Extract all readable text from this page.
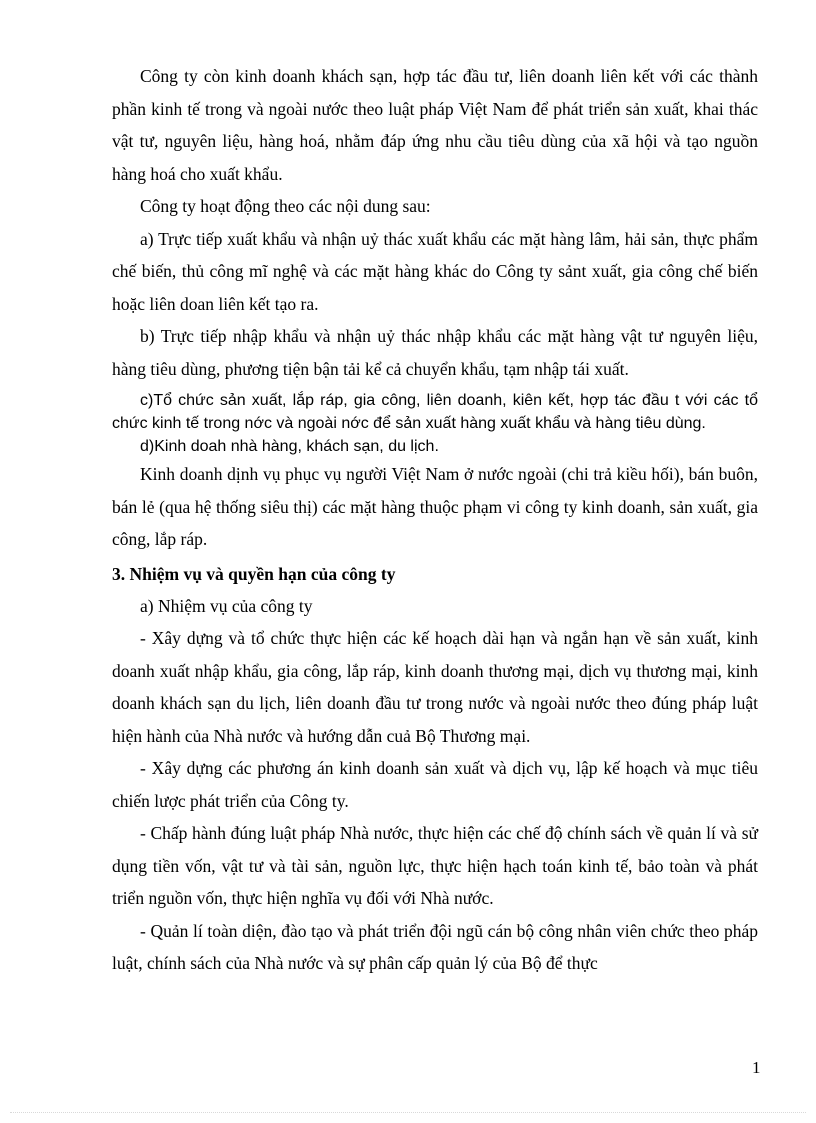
Công ty còn kinh doanh khách sạn, hợp tác đầu tư, liên doanh liên kết với các thành phần kinh tế trong và ngoài nước theo luật pháp Việt Nam để phát triển sản xuất, khai thác vật tư, nguyên liệu, hàng hoá, nhằm đáp ứng nhu cầu tiêu dùng của xã hội và tạo nguồn hàng hoá cho xuất khẩu.

Công ty hoạt động theo các nội dung sau:

a) Trực tiếp xuất khẩu và nhận uỷ thác xuất khẩu các mặt hàng lâm, hải sản, thực phẩm chế biến, thủ công mĩ nghệ và các mặt hàng khác do Công ty sảnt xuất, gia công chế biến hoặc liên doan liên kết tạo ra.

b) Trực tiếp nhập khẩu và nhận uỷ thác nhập khẩu các mặt hàng vật tư nguyên liệu, hàng tiêu dùng, phương tiện bận tải kể cả chuyển khẩu, tạm nhập tái xuất.

c)Tổ chức sản xuất, lắp ráp, gia công, liên doanh, kiên kết, hợp tác đầu t với các tổ chức kinh tế trong nớc và ngoài nớc để sản xuất hàng xuất khẩu và hàng tiêu dùng.

d)Kinh doah nhà hàng, khách sạn, du lịch.

Kinh doanh dịnh vụ phục vụ người Việt Nam ở nước ngoài (chi trả kiều hối), bán buôn, bán lẻ (qua hệ thống siêu thị) các mặt hàng thuộc phạm vi công ty kinh doanh, sản xuất, gia công, lắp ráp.

3. Nhiệm vụ và quyền hạn của công ty

a) Nhiệm vụ của công ty

- Xây dựng và tổ chức thực hiện các kế hoạch dài hạn và ngắn hạn về sản xuất, kinh doanh xuất nhập khẩu, gia công, lắp ráp, kinh doanh thương mại, dịch vụ thương mại, kinh doanh khách sạn du lịch, liên doanh đầu tư trong nước và ngoài nước theo đúng pháp luật hiện hành của Nhà nước và hướng dẫn cuả Bộ Thương mại.

- Xây dựng các phương án kinh doanh sản xuất và dịch vụ, lập kế hoạch và mục tiêu chiến lược phát triển của Công ty.

- Chấp hành đúng luật pháp Nhà nước, thực hiện các chế độ chính sách về quản lí và sử dụng tiền vốn, vật tư và tài sản, nguồn lực, thực hiện hạch toán kinh tế, bảo toàn và phát triển nguồn vốn, thực hiện nghĩa vụ đối với Nhà nước.

- Quản lí toàn diện, đào tạo và phát triển đội ngũ cán bộ công nhân viên chức theo pháp luật, chính sách của Nhà nước và sự phân cấp quản lý của Bộ để thực

1
